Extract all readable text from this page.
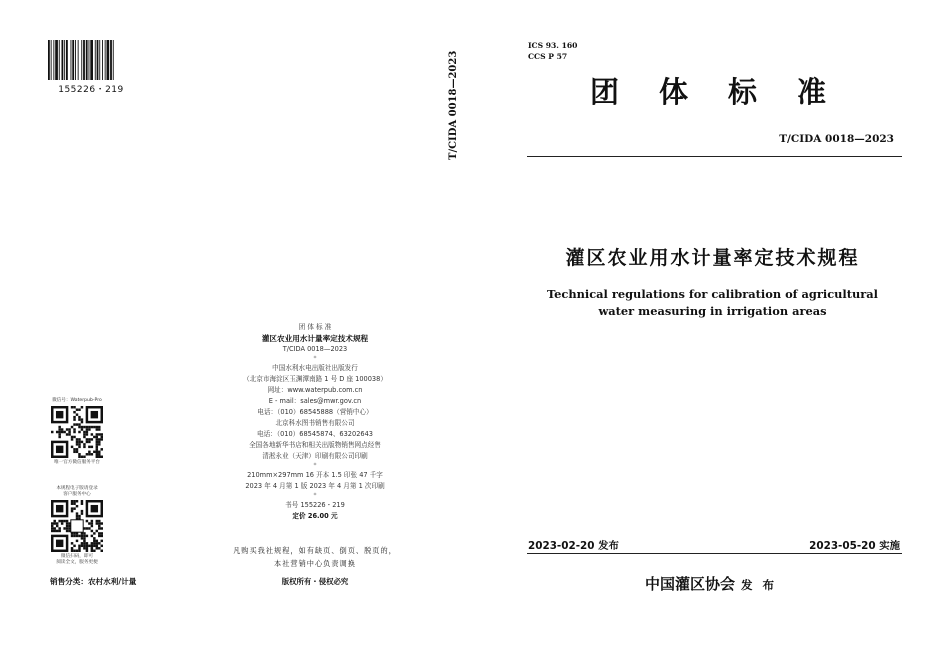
155226・219
团 体 标 准
灌区农业用水计量率定技术规程
T/CIDA 0018—2023
*
中国水利水电出版社出版发行
（北京市海淀区玉渊潭南路 1 号 D 座 100038）
网址：www.waterpub.com.cn
E - mail：sales@mwr.gov.cn
电话：（010）68545888（营销中心）
北京科水图书销售有限公司
电话：（010）68545874、63202643
全国各地新华书店和相关出版物销售网点经售
清淞永业（天津）印刷有限公司印刷
*
210mm×297mm 16 开本 1.5 印张 47 千字
2023 年 4 月第 1 版 2023 年 4 月第 1 次印刷
*
书号 155226・219
定价 26.00 元
凡购买我社规程，如有缺页、倒页、脱页的，
本社营销中心负责调换
版权所有・侵权必究
微信号：Waterpub-Pro
唯一官方微信服务平台
本规程电子版请登录
客户服务中心
微信扫码，即可
阅读全文，服务更便
销售分类：农村水利/计量
T/CIDA 0018—2023
ICS 93. 160
CCS P 57
团体标准
T/CIDA 0018—2023
灌区农业用水计量率定技术规程
Technical regulations for calibration of agricultural
water measuring in irrigation areas
2023-02-20 发布	2023-05-20 实施
中国灌区协会 发布
